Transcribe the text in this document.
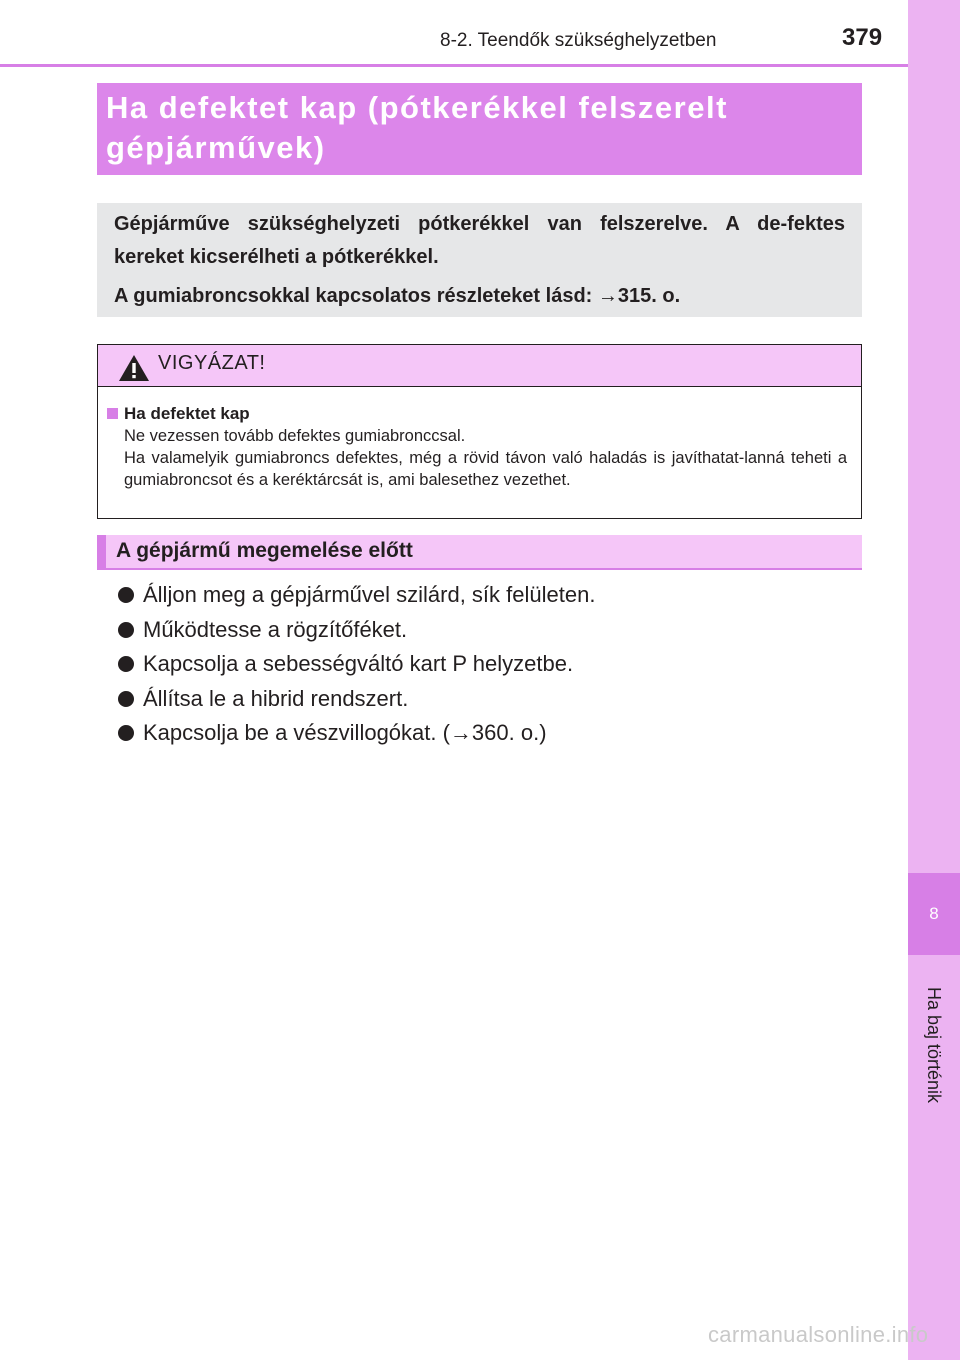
8
Ha baj történik
8-2. Teendők szükséghelyzetben	379
Ha defektet kap (pótkerékkel felszerelt gépjárművek)

Gépjárműve szükséghelyzeti pótkerékkel van felszerelve. A de-fektes kereket kicserélheti a pótkerékkel.

A gumiabroncsokkal kapcsolatos részleteket lásd: →315. o.

VIGYÁZAT!
Ha defektet kap
Ne vezessen tovább defektes gumiabronccsal.
Ha valamelyik gumiabroncs defektes, még a rövid távon való haladás is javíthatat-lanná teheti a gumiabroncsot és a keréktárcsát is, ami balesethez vezethet.
A gépjármű megemelése előtt
Álljon meg a gépjárművel szilárd, sík felületen.
Működtesse a rögzítőféket.
Kapcsolja a sebességváltó kart P helyzetbe.
Állítsa le a hibrid rendszert.
Kapcsolja be a vészvillogókat. (→360. o.)
carmanualsonline.info
